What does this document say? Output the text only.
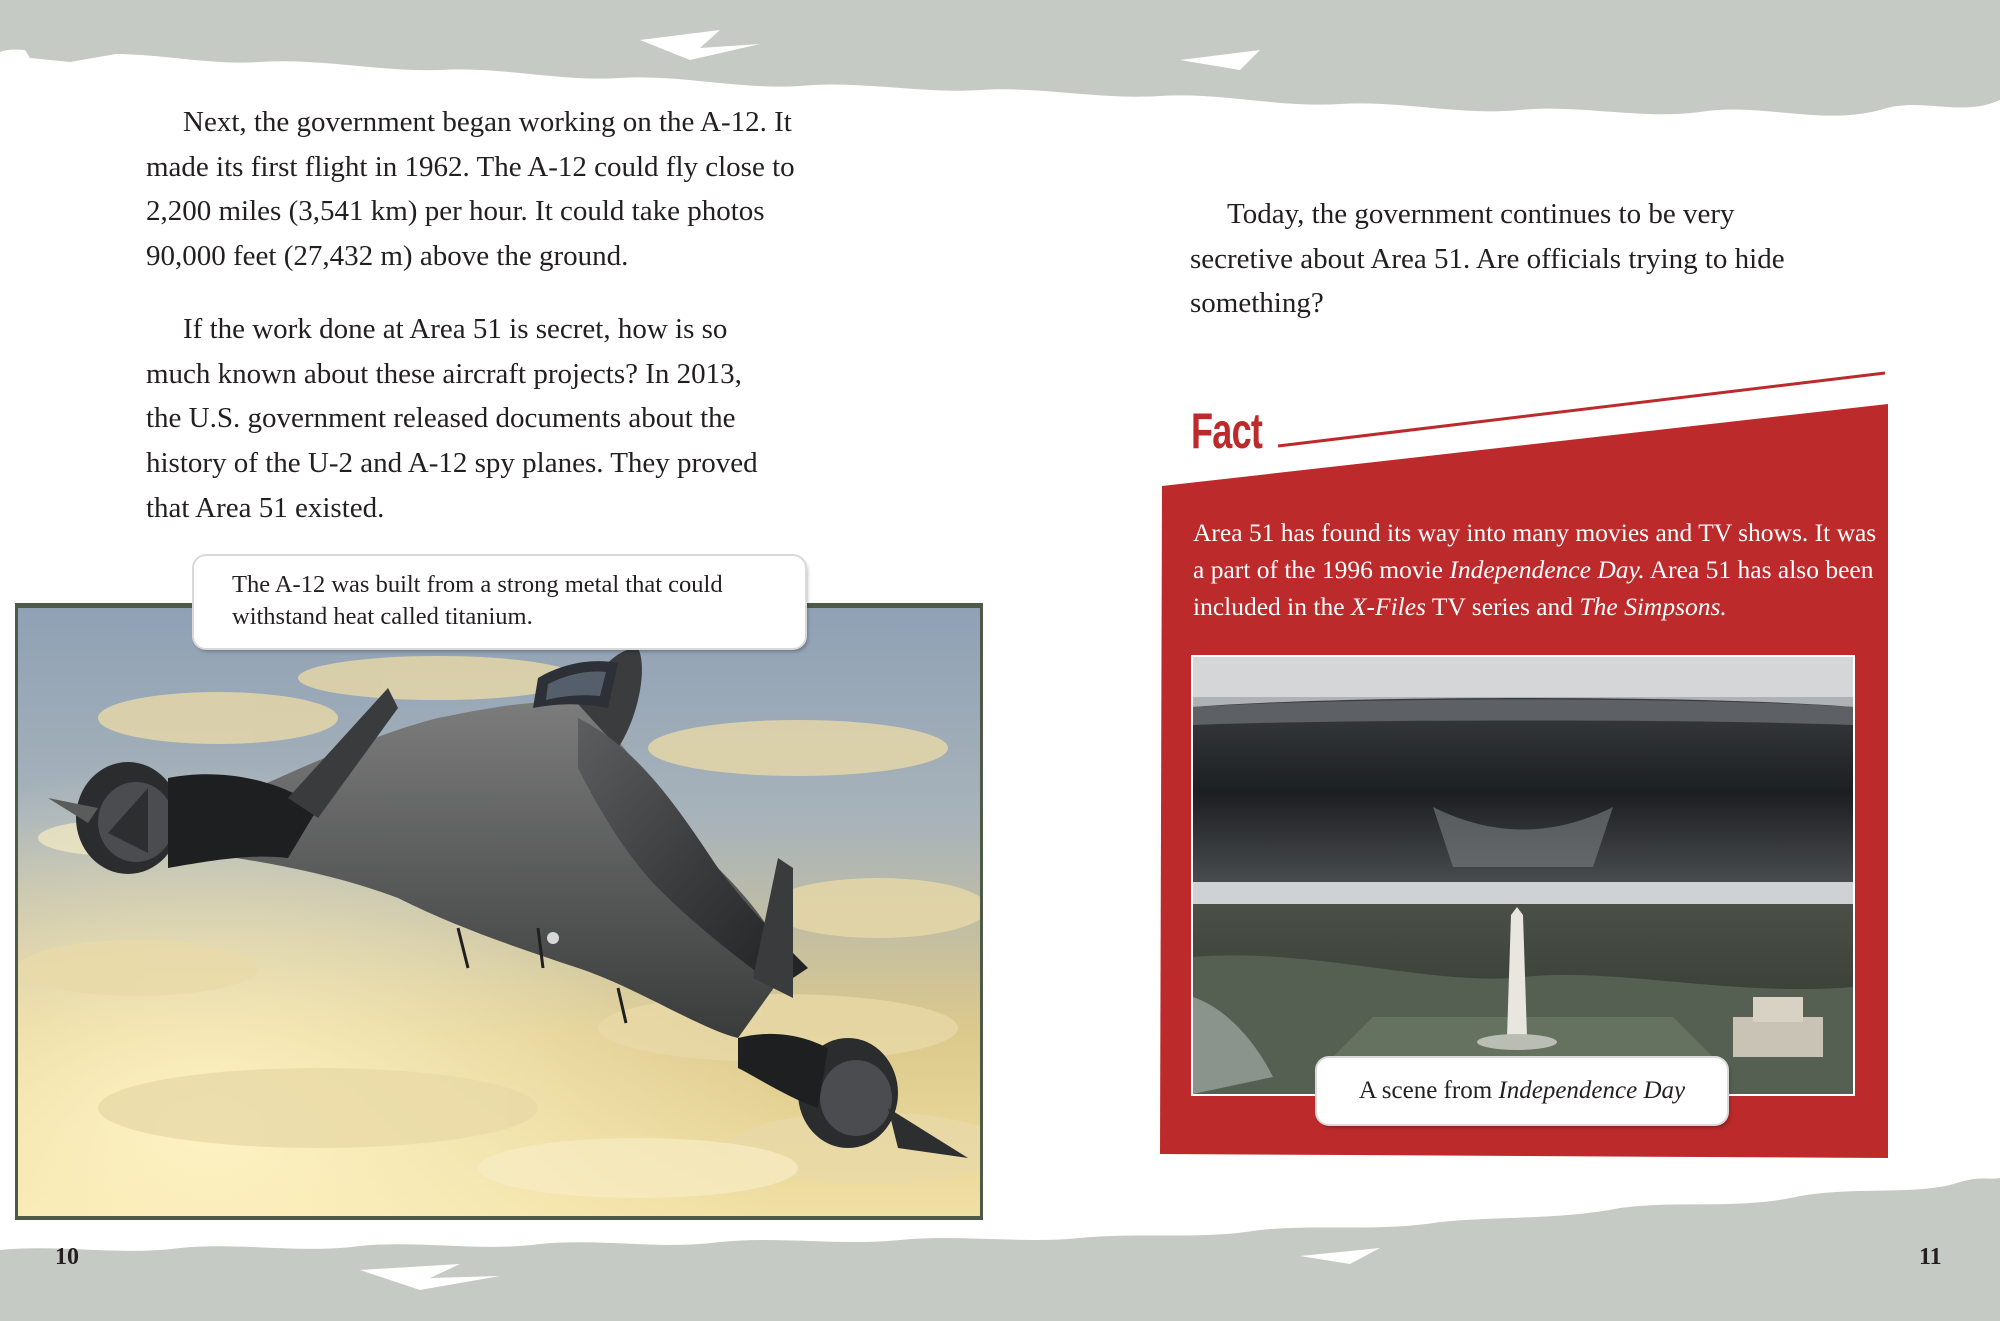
Next, the government began working on the A-12. It made its first flight in 1962. The A-12 could fly close to 2,200 miles (3,541 km) per hour. It could take photos 90,000 feet (27,432 m) above the ground.

If the work done at Area 51 is secret, how is so much known about these aircraft projects? In 2013, the U.S. government released documents about the history of the U-2 and A-12 spy planes. They proved that Area 51 existed.

The A-12 was built from a strong metal that could withstand heat called titanium.
10

Today, the government continues to be very secretive about Area 51. Are officials trying to hide something?

Fact
Area 51 has found its way into many movies and TV shows. It was a part of the 1996 movie Independence Day. Area 51 has also been included in the X-Files TV series and The Simpsons.
A scene from Independence Day
11
